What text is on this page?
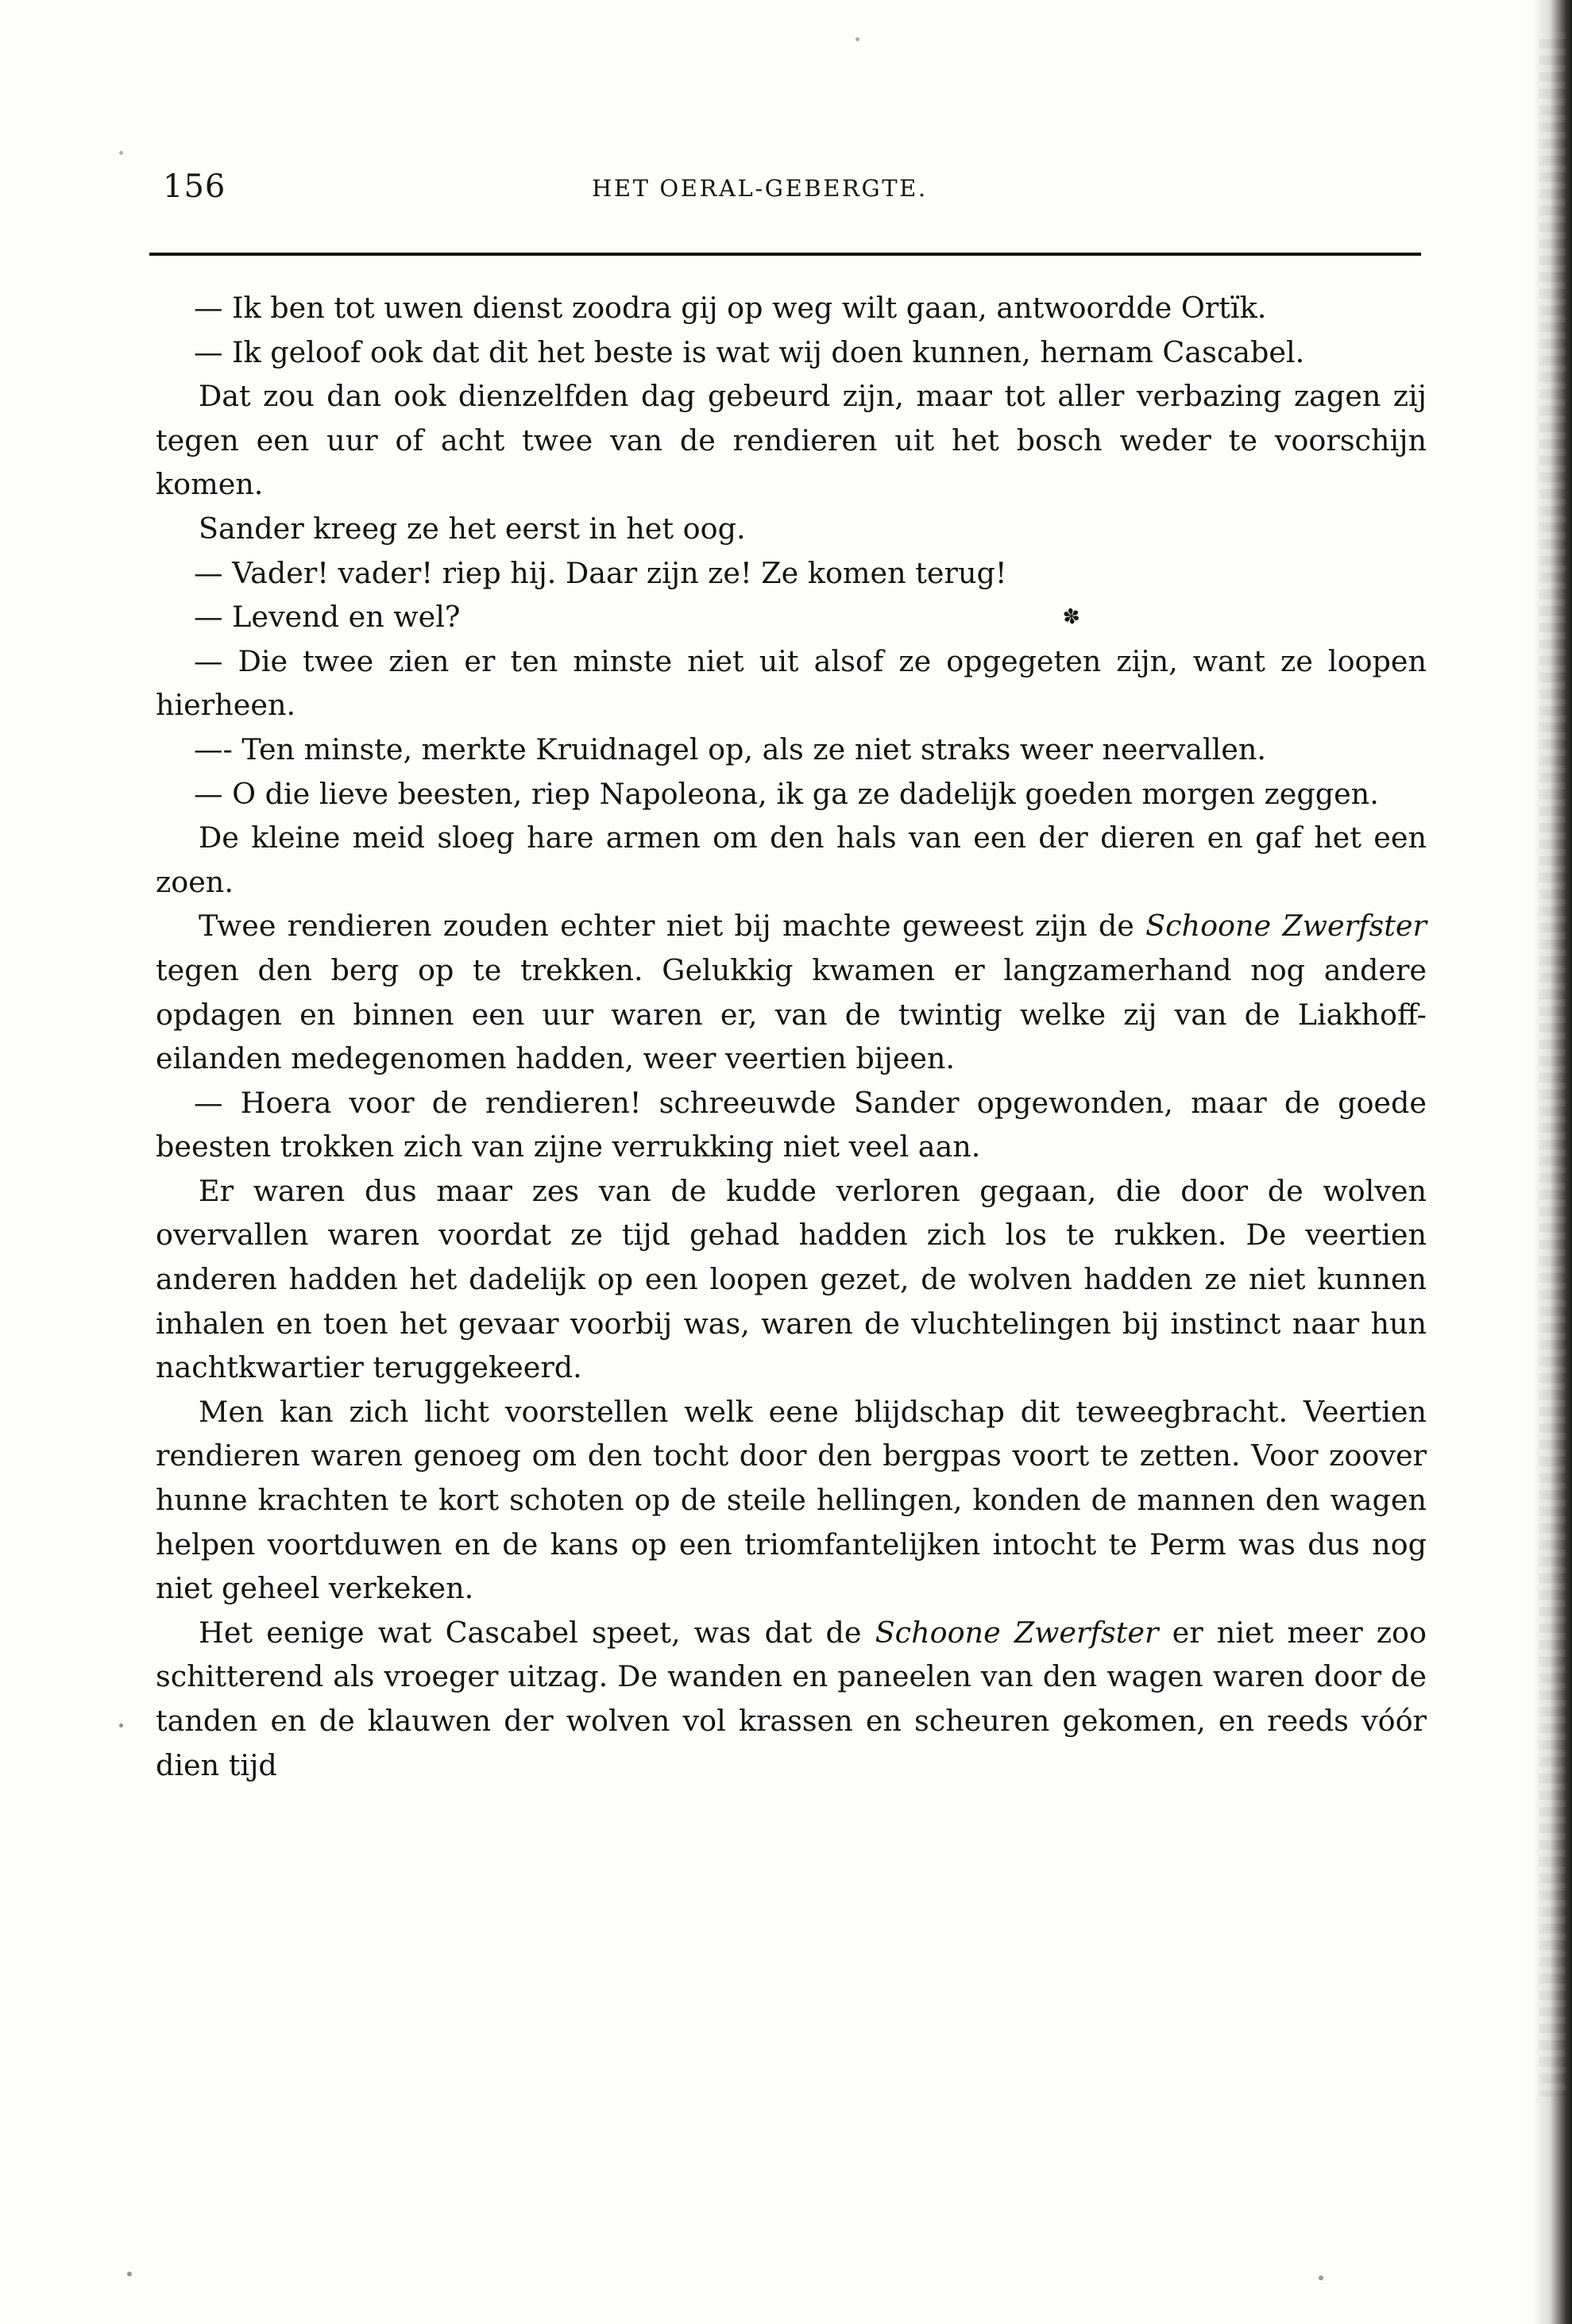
156	HET OERAL-GEBERGTE.

— Ik ben tot uwen dienst zoodra gij op weg wilt gaan, antwoordde Ortïk.

— Ik geloof ook dat dit het beste is wat wij doen kunnen, hernam Cascabel.

Dat zou dan ook dienzelfden dag gebeurd zijn, maar tot aller verbazing zagen zij tegen een uur of acht twee van de rendieren uit het bosch weder te voorschijn komen.

Sander kreeg ze het eerst in het oog.

— Vader! vader! riep hij. Daar zijn ze! Ze komen terug!

— Levend en wel?

— Die twee zien er ten minste niet uit alsof ze opgegeten zijn, want ze loopen hierheen.

—- Ten minste, merkte Kruidnagel op, als ze niet straks weer neervallen.

— O die lieve beesten, riep Napoleona, ik ga ze dadelijk goeden morgen zeggen.

De kleine meid sloeg hare armen om den hals van een der dieren en gaf het een zoen.

Twee rendieren zouden echter niet bij machte geweest zijn de Schoone Zwerfster tegen den berg op te trekken. Gelukkig kwamen er langzamerhand nog andere opdagen en binnen een uur waren er, van de twintig welke zij van de Liakhoff-eilanden medegenomen hadden, weer veertien bijeen.

— Hoera voor de rendieren! schreeuwde Sander opgewonden, maar de goede beesten trokken zich van zijne verrukking niet veel aan.

Er waren dus maar zes van de kudde verloren gegaan, die door de wolven overvallen waren voordat ze tijd gehad hadden zich los te rukken. De veertien anderen hadden het dadelijk op een loopen gezet, de wolven hadden ze niet kunnen inhalen en toen het gevaar voorbij was, waren de vluchtelingen bij instinct naar hun nachtkwartier teruggekeerd.

Men kan zich licht voorstellen welk eene blijdschap dit teweegbracht. Veertien rendieren waren genoeg om den tocht door den bergpas voort te zetten. Voor zoover hunne krachten te kort schoten op de steile hellingen, konden de mannen den wagen helpen voortduwen en de kans op een triomfantelijken intocht te Perm was dus nog niet geheel verkeken.

Het eenige wat Cascabel speet, was dat de Schoone Zwerfster er niet meer zoo schitterend als vroeger uitzag. De wanden en paneelen van den wagen waren door de tanden en de klauwen der wolven vol krassen en scheuren gekomen, en reeds vóór dien tijd

✽
